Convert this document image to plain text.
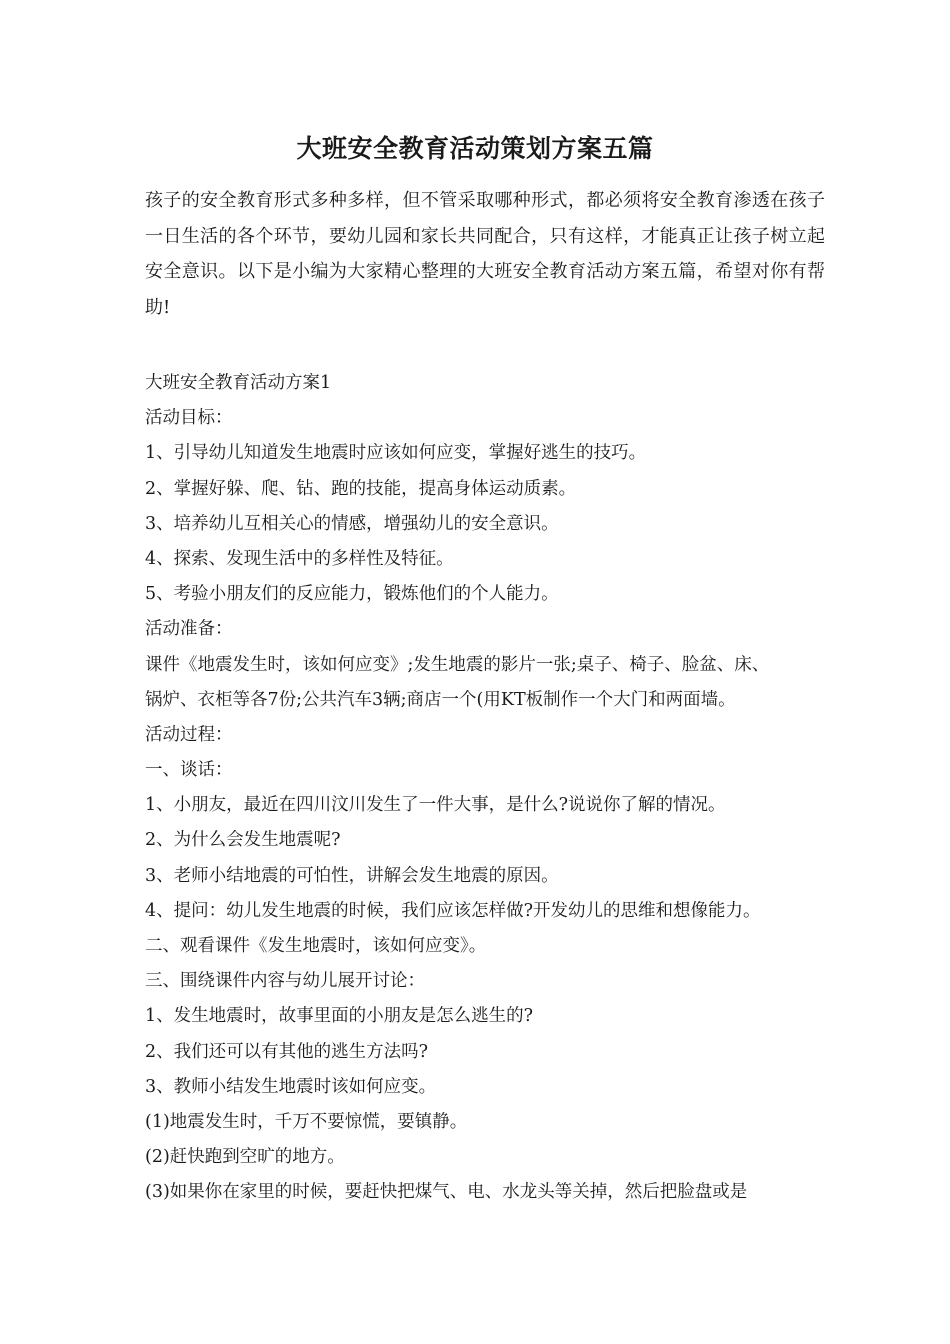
大班安全教育活动策划方案五篇

孩子的安全教育形式多种多样，但不管采取哪种形式，都必须将安全教育渗透在孩子一日生活的各个环节，要幼儿园和家长共同配合，只有这样，才能真正让孩子树立起安全意识。以下是小编为大家精心整理的大班安全教育活动方案五篇，希望对你有帮助!

大班安全教育活动方案1
活动目标：
1、引导幼儿知道发生地震时应该如何应变，掌握好逃生的技巧。
2、掌握好躲、爬、钻、跑的技能，提高身体运动质素。
3、培养幼儿互相关心的情感，增强幼儿的安全意识。
4、探索、发现生活中的多样性及特征。
5、考验小朋友们的反应能力，锻炼他们的个人能力。
活动准备：
课件《地震发生时，该如何应变》;发生地震的影片一张;桌子、椅子、脸盆、床、
锅炉、衣柜等各7份;公共汽车3辆;商店一个(用KT板制作一个大门和两面墙。
活动过程：
一、谈话：
1、小朋友，最近在四川汶川发生了一件大事，是什么?说说你了解的情况。
2、为什么会发生地震呢?
3、老师小结地震的可怕性，讲解会发生地震的原因。
4、提问：幼儿发生地震的时候，我们应该怎样做?开发幼儿的思维和想像能力。
二、观看课件《发生地震时，该如何应变》。
三、围绕课件内容与幼儿展开讨论：
1、发生地震时，故事里面的小朋友是怎么逃生的?
2、我们还可以有其他的逃生方法吗?
3、教师小结发生地震时该如何应变。
(1)地震发生时，千万不要惊慌，要镇静。
(2)赶快跑到空旷的地方。
(3)如果你在家里的时候，要赶快把煤气、电、水龙头等关掉，然后把脸盘或是
